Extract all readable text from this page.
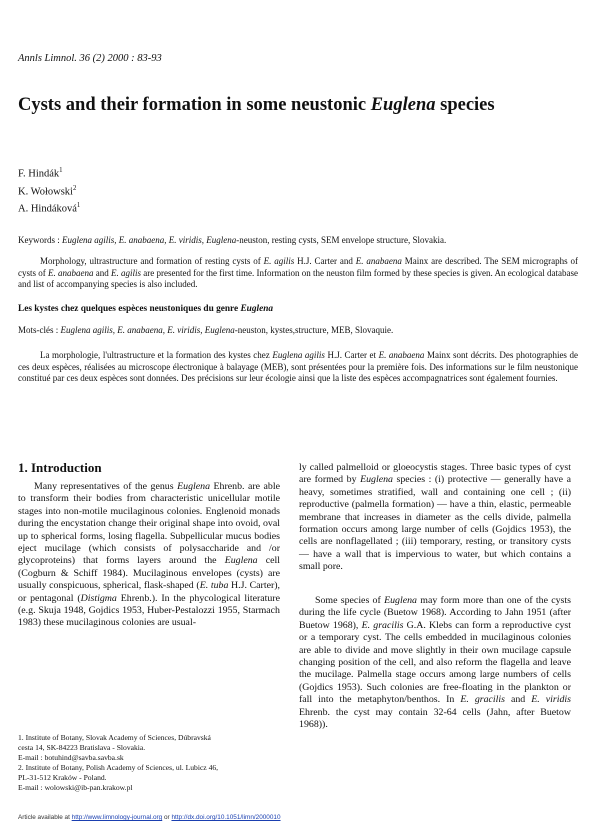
Annls Limnol. 36 (2) 2000 : 83-93
Cysts and their formation in some neustonic Euglena species
F. Hindák$^1$
K. Wołowski$^2$
A. Hindáková$^1$
Keywords : Euglena agilis, E. anabaena, E. viridis, Euglena-neuston, resting cysts, SEM envelope structure, Slovakia.
Morphology, ultrastructure and formation of resting cysts of E. agilis H.J. Carter and E. anabaena Mainx are described. The SEM micrographs of cysts of E. anabaena and E. agilis are presented for the first time. Information on the neuston film formed by these species is given. An ecological database and list of accompanying species is also included.
Les kystes chez quelques espèces neustoniques du genre Euglena
Mots-clés : Euglena agilis, E. anabaena, E. viridis, Euglena-neuston, kystes,structure, MEB, Slovaquie.
La morphologie, l'ultrastructure et la formation des kystes chez Euglena agilis H.J. Carter et E. anabaena Mainx sont décrits. Des photographies de ces deux espèces, réalisées au microscope électronique à balayage (MEB), sont présentées pour la première fois. Des informations sur le film neustonique constitué par ces deux espèces sont données. Des précisions sur leur écologie ainsi que la liste des espèces accompagnatrices sont également fournies.
1. Introduction
Many representatives of the genus Euglena Ehrenb. are able to transform their bodies from characteristic unicellular motile stages into non-motile mucilaginous colonies. Englenoid monads during the encystation change their original shape into ovoid, oval up to spherical forms, losing flagella. Subpellicular mucus bodies eject mucilage (which consists of polysaccharide and /or glycoproteins) that forms layers around the Euglena cell (Cogburn & Schiff 1984). Mucilaginous envelopes (cysts) are usually conspicuous, spherical, flask-shaped (E. tuba H.J. Carter), or pentagonal (Distigma Ehrenb.). In the phycological literature (e.g. Skuja 1948, Gojdics 1953, Huber-Pestalozzi 1955, Starmach 1983) these mucilaginous colonies are usual-
ly called palmelloid or gloeocystis stages. Three basic types of cyst are formed by Euglena species : (i) protective — generally have a heavy, sometimes stratified, wall and containing one cell ; (ii) reproductive (palmella formation) — have a thin, elastic, permeable membrane that increases in diameter as the cells divide, palmella formation occurs among large number of cells (Gojdics 1953), the cells are nonflagellated ; (iii) temporary, resting, or transitory cysts — have a wall that is impervious to water, but which contains a small pore.
Some species of Euglena may form more than one of the cysts during the life cycle (Buetow 1968). According to Jahn 1951 (after Buetow 1968), E. gracilis G.A. Klebs can form a reproductive cyst or a temporary cyst. The cells embedded in mucilaginous colonies are able to divide and move slightly in their own mucilage capsule changing position of the cell, and also reform the flagella and leave the mucilage. Palmella stage occurs among large numbers of cells (Gojdics 1953). Such colonies are free-floating in the plankton or fall into the metaphyton/benthos. In E. gracilis and E. viridis Ehrenb. the cyst may contain 32-64 cells (Jahn, after Buetow 1968)).
1. Institute of Botany, Slovak Academy of Sciences, Dúbravská
cesta 14, SK-84223 Bratislava - Slovakia.
E-mail : botuhind@savba.savba.sk
2. Institute of Botany, Polish Academy of Sciences, ul. Lubicz 46,
PL-31-512 Kraków - Poland.
E-mail : wolowski@ib-pan.krakow.pl
Article available at http://www.limnology-journal.org or http://dx.doi.org/10.1051/limn/2000010
